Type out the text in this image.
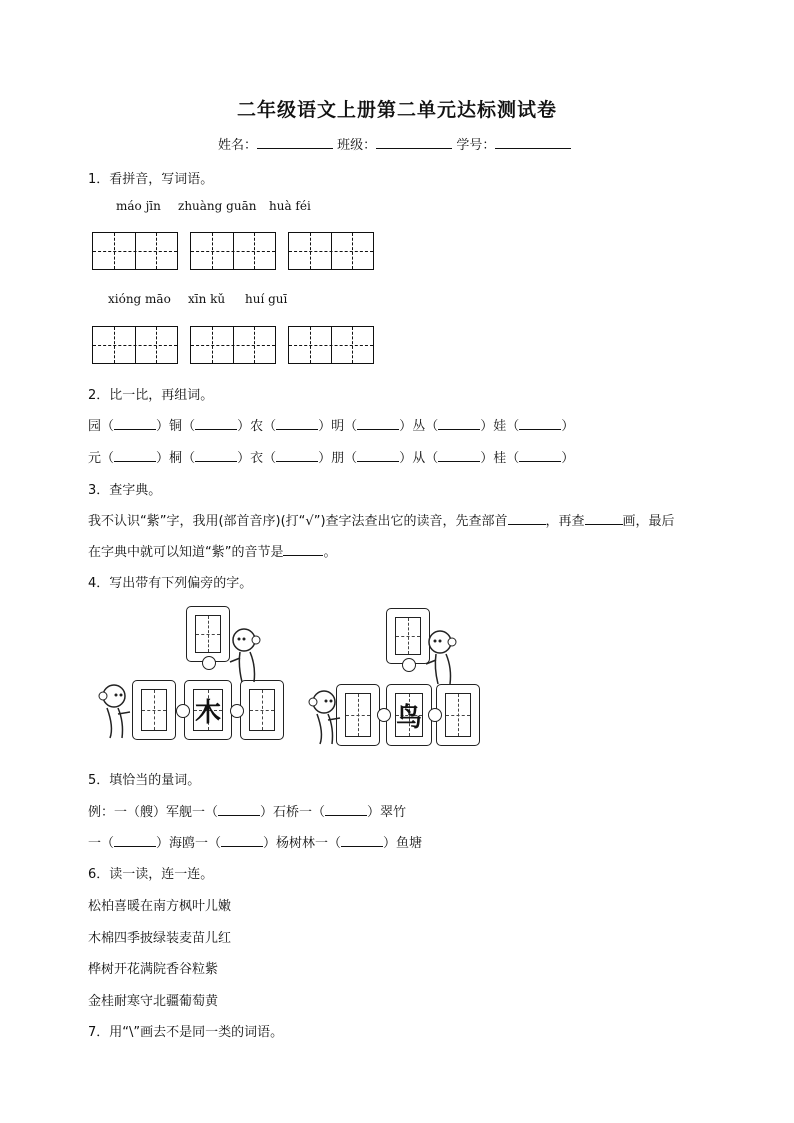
二年级语文上册第二单元达标测试卷
姓名：	班级：	学号：
1．看拼音，写词语。
máo jīn zhuàng guān huà féi
xióng māo xīn kǔ huí guī
2．比一比，再组词。
园（	）铜（	）农（	）明（	）丛（	）娃（	）
元（	）桐（	）衣（	）朋（	）从（	）桂（	）
3．查字典。
我不认识“紫”字，我用(部首音序)(打“√”)查字法查出它的读音，先查部首	，再查	画，最后
在字典中就可以知道“紫”的音节是	。
4．写出带有下列偏旁的字。
木	鸟
5．填恰当的量词。
例：一（艘）军舰一（	）石桥一（	）翠竹
一（	）海鸥一（	）杨树林一（	）鱼塘
6．读一读，连一连。
松柏喜暖在南方枫叶儿嫩
木棉四季披绿装麦苗儿红
桦树开花满院香谷粒紫
金桂耐寒守北疆葡萄黄
7．用“\”画去不是同一类的词语。
